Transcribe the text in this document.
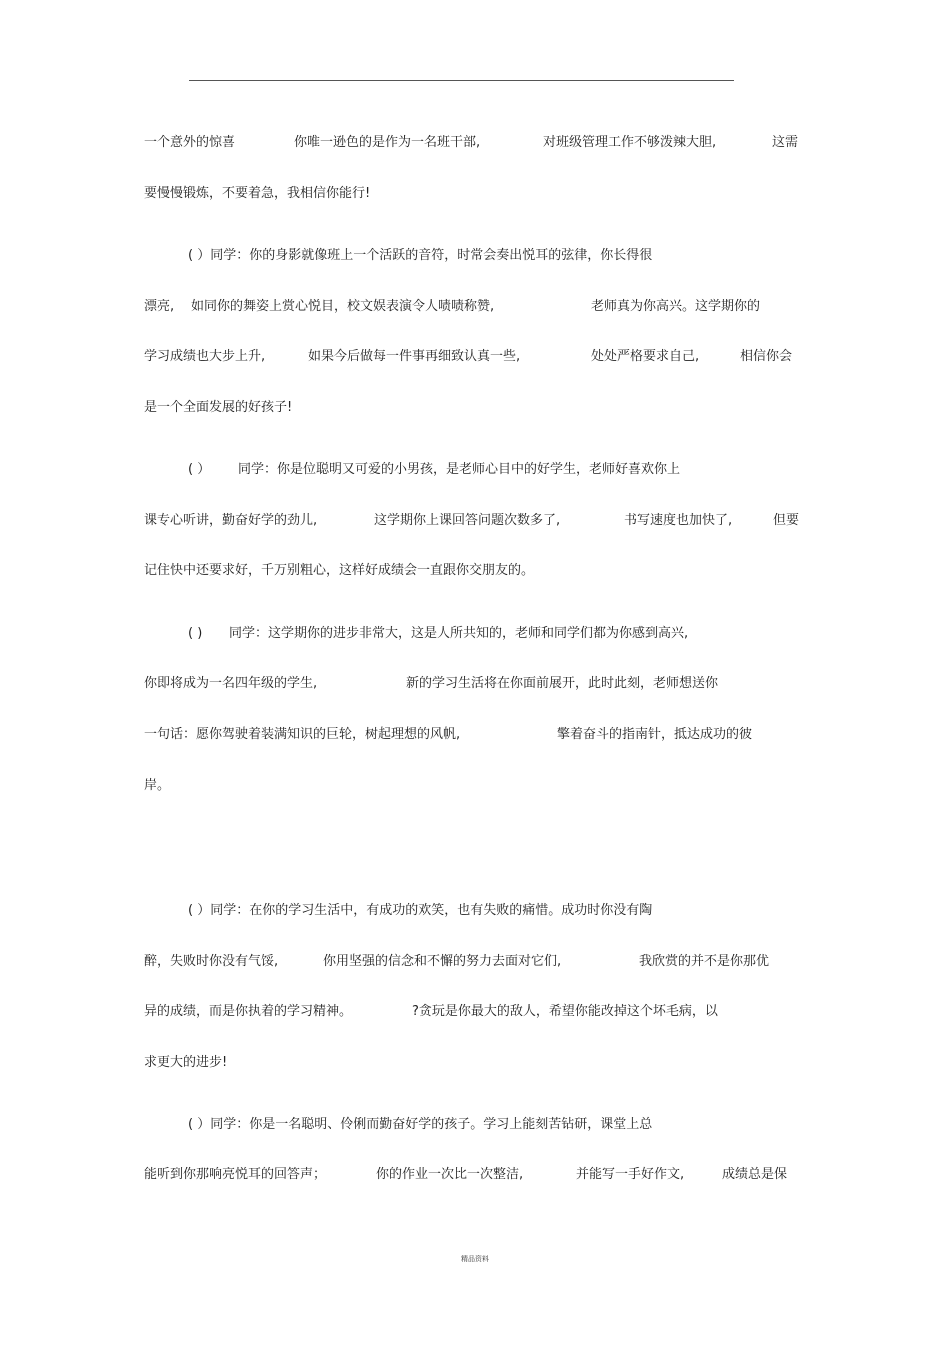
一个意外的惊喜	你唯一逊色的是作为一名班干部,	对班级管理工作不够泼辣大胆,	这需
要慢慢锻炼，不要着急，我相信你能行!
( ）同学：你的身影就像班上一个活跃的音符，时常会奏出悦耳的弦律，你长得很
漂亮, 如同你的舞姿上赏心悦目，校文娱表演令人啧啧称赞,	老师真为你高兴。这学期你的
学习成绩也大步上升,	如果今后做每一件事再细致认真一些,	处处严格要求自己,	相信你会
是一个全面发展的好孩子!
( ） 同学：你是位聪明又可爱的小男孩，是老师心目中的好学生，老师好喜欢你上
课专心听讲，勤奋好学的劲儿,	这学期你上课回答问题次数多了,	书写速度也加快了,	但要
记住快中还要求好，千万别粗心，这样好成绩会一直跟你交朋友的。
( ) 同学：这学期你的进步非常大，这是人所共知的，老师和同学们都为你感到高兴,
你即将成为一名四年级的学生,	新的学习生活将在你面前展开，此时此刻，老师想送你
一句话：愿你驾驶着装满知识的巨轮，树起理想的风帆,	擎着奋斗的指南针，抵达成功的彼
岸。
( ）同学：在你的学习生活中，有成功的欢笑，也有失败的痛惜。成功时你没有陶
醉，失败时你没有气馁,	你用坚强的信念和不懈的努力去面对它们,	我欣赏的并不是你那优
异的成绩，而是你执着的学习精神。	?贪玩是你最大的敌人，希望你能改掉这个坏毛病，以
求更大的进步!
( ）同学：你是一名聪明、伶俐而勤奋好学的孩子。学习上能刻苦钻研，课堂上总
能听到你那响亮悦耳的回答声；	你的作业一次比一次整洁,	并能写一手好作文,	成绩总是保
精品资料
